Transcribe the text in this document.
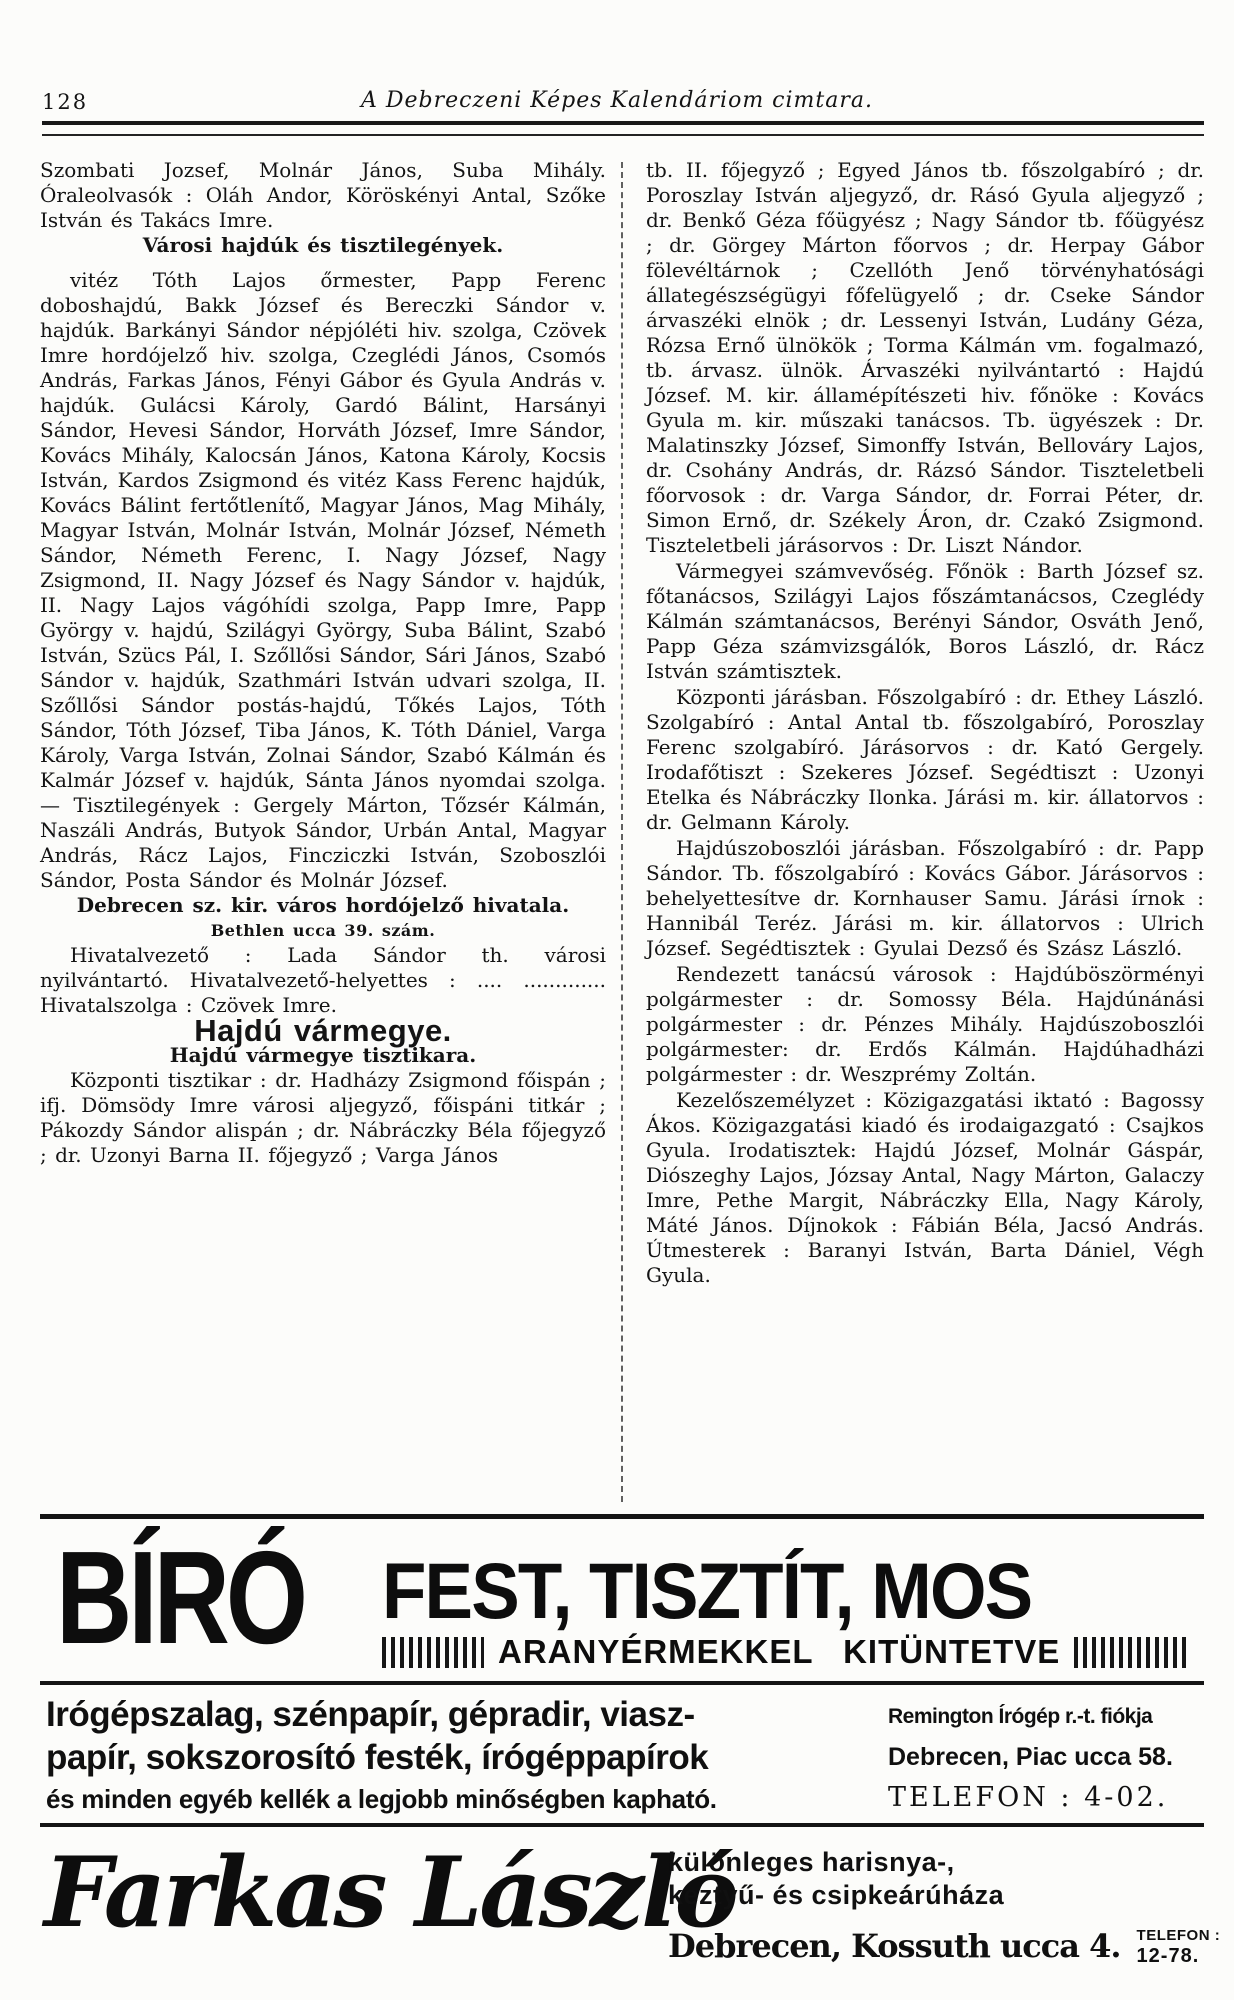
128	A Debreczeni Képes Kalendáriom cimtara.

Szombati Jozsef, Molnár János, Suba Mihály. Óraleolvasók : Oláh Andor, Köröskényi Antal, Szőke István és Takács Imre.

Városi hajdúk és tisztilegények.

vitéz Tóth Lajos őrmester, Papp Ferenc doboshajdú, Bakk József és Bereczki Sándor v. hajdúk. Barkányi Sándor népjóléti hiv. szolga, Czövek Imre hordójelző hiv. szolga, Czeglédi János, Csomós András, Farkas János, Fényi Gábor és Gyula András v. hajdúk. Gulácsi Károly, Gardó Bálint, Harsányi Sándor, Hevesi Sándor, Horváth József, Imre Sándor, Kovács Mihály, Kalocsán János, Katona Károly, Kocsis István, Kardos Zsigmond és vitéz Kass Ferenc hajdúk, Kovács Bálint fertőtlenítő, Magyar János, Mag Mihály, Magyar István, Molnár István, Molnár József, Németh Sándor, Németh Ferenc, I. Nagy József, Nagy Zsigmond, II. Nagy József és Nagy Sándor v. hajdúk, II. Nagy Lajos vágóhídi szolga, Papp Imre, Papp György v. hajdú, Szilágyi György, Suba Bálint, Szabó István, Szücs Pál, I. Szőllősi Sándor, Sári János, Szabó Sándor v. hajdúk, Szathmári István udvari szolga, II. Szőllősi Sándor postás-hajdú, Tőkés Lajos, Tóth Sándor, Tóth József, Tiba János, K. Tóth Dániel, Varga Károly, Varga István, Zolnai Sándor, Szabó Kálmán és Kalmár József v. hajdúk, Sánta János nyomdai szolga. — Tisztilegények : Gergely Márton, Tőzsér Kálmán, Naszáli András, Butyok Sándor, Urbán Antal, Magyar András, Rácz Lajos, Fincziczki István, Szoboszlói Sándor, Posta Sándor és Molnár József.

Debrecen sz. kir. város hordójelző hivatala.

Bethlen ucca 39. szám.

Hivatalvezető : Lada Sándor th. városi nyilvántartó. Hivatalvezető-helyettes : .... ............. Hivatalszolga : Czövek Imre.

Hajdú vármegye.

Hajdú vármegye tisztikara.

Központi tisztikar : dr. Hadházy Zsigmond főispán ; ifj. Dömsödy Imre városi aljegyző, főispáni titkár ; Pákozdy Sándor alispán ; dr. Nábráczky Béla főjegyző ; dr. Uzonyi Barna II. főjegyző ; Varga János

tb. II. főjegyző ; Egyed János tb. főszolgabíró ; dr. Poroszlay István aljegyző, dr. Rásó Gyula aljegyző ; dr. Benkő Géza főügyész ; Nagy Sándor tb. főügyész ; dr. Görgey Márton főorvos ; dr. Herpay Gábor fölevéltárnok ; Czellóth Jenő törvényhatósági állategészségügyi főfelügyelő ; dr. Cseke Sándor árvaszéki elnök ; dr. Lessenyi István, Ludány Géza, Rózsa Ernő ülnökök ; Torma Kálmán vm. fogalmazó, tb. árvasz. ülnök. Árvaszéki nyilvántartó : Hajdú József. M. kir. államépítészeti hiv. főnöke : Kovács Gyula m. kir. műszaki tanácsos. Tb. ügyészek : Dr. Malatinszky József, Simonffy István, Bellováry Lajos, dr. Csohány András, dr. Rázsó Sándor. Tiszteletbeli főorvosok : dr. Varga Sándor, dr. Forrai Péter, dr. Simon Ernő, dr. Székely Áron, dr. Czakó Zsigmond. Tiszteletbeli járásorvos : Dr. Liszt Nándor.

Vármegyei számvevőség. Főnök : Barth József sz. főtanácsos, Szilágyi Lajos főszámtanácsos, Czeglédy Kálmán számtanácsos, Berényi Sándor, Osváth Jenő, Papp Géza számvizsgálók, Boros László, dr. Rácz István számtisztek.

Központi járásban. Főszolgabíró : dr. Ethey László. Szolgabíró : Antal Antal tb. főszolgabíró, Poroszlay Ferenc szolgabíró. Járásorvos : dr. Kató Gergely. Irodafőtiszt : Szekeres József. Segédtiszt : Uzonyi Etelka és Nábráczky Ilonka. Járási m. kir. állatorvos : dr. Gelmann Károly.

Hajdúszoboszlói járásban. Főszolgabíró : dr. Papp Sándor. Tb. főszolgabíró : Kovács Gábor. Járásorvos : behelyettesítve dr. Kornhauser Samu. Járási írnok : Hannibál Teréz. Járási m. kir. állatorvos : Ulrich József. Segédtisztek : Gyulai Dezső és Szász László.

Rendezett tanácsú városok : Hajdúböszörményi polgármester : dr. Somossy Béla. Hajdúnánási polgármester : dr. Pénzes Mihály. Hajdúszoboszlói polgármester: dr. Erdős Kálmán. Hajdúhadházi polgármester : dr. Weszprémy Zoltán.

Kezelőszemélyzet : Közigazgatási iktató : Bagossy Ákos. Közigazgatási kiadó és irodaigazgató : Csajkos Gyula. Irodatisztek: Hajdú József, Molnár Gáspár, Diószeghy Lajos, Józsay Antal, Nagy Márton, Galaczy Imre, Pethe Margit, Nábráczky Ella, Nagy Károly, Máté János. Díjnokok : Fábián Béla, Jacsó András. Útmesterek : Baranyi István, Barta Dániel, Végh Gyula.

BÍRÓ FEST, TISZTÍT, MOS
ARANYÉRMEKKEL KITÜNTETVE
Irógépszalag, szénpapír, gépradir, viasz-
papír, sokszorosító festék, írógéppapírok
és minden egyéb kellék a legjobb minőségben kapható.
Remington Írógép r.-t. fiókja
Debrecen, Piac ucca 58.
TELEFON : 4-02.
Farkas László
különleges harisnya-,
keztyű- és csipkeárúháza
Debrecen, Kossuth ucca 4. TELEFON :
12-78.
